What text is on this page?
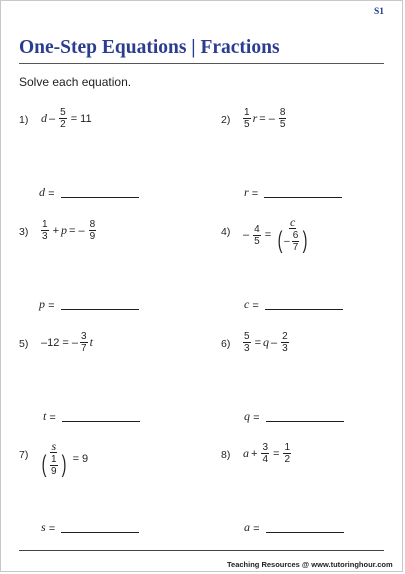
S1
One-Step Equations | Fractions
Solve each equation.
1) $d - \frac{5}{2} = 11$
d
=
$2) \frac{1}{5}$ r = – $\frac{8}{5}$
r
=
$3) \frac{1}{3} + p$ = – $\frac{8}{9}$
p
=
$4) - \frac{4}{5} = \frac{c}{( - \frac{6}{7} )}$
c
=
5) –12 = – $\frac{3}{7}$ t
t
=
$6) \frac{5}{3} = q - \frac{2}{3}$
q
=
$7) \frac{s}{( \frac{1}{9} )} = 9$
s
=
8) $a + \frac{3}{4} = \frac{1}{2}$
a
=
Teaching Resources @ www.tutoringhour.com
